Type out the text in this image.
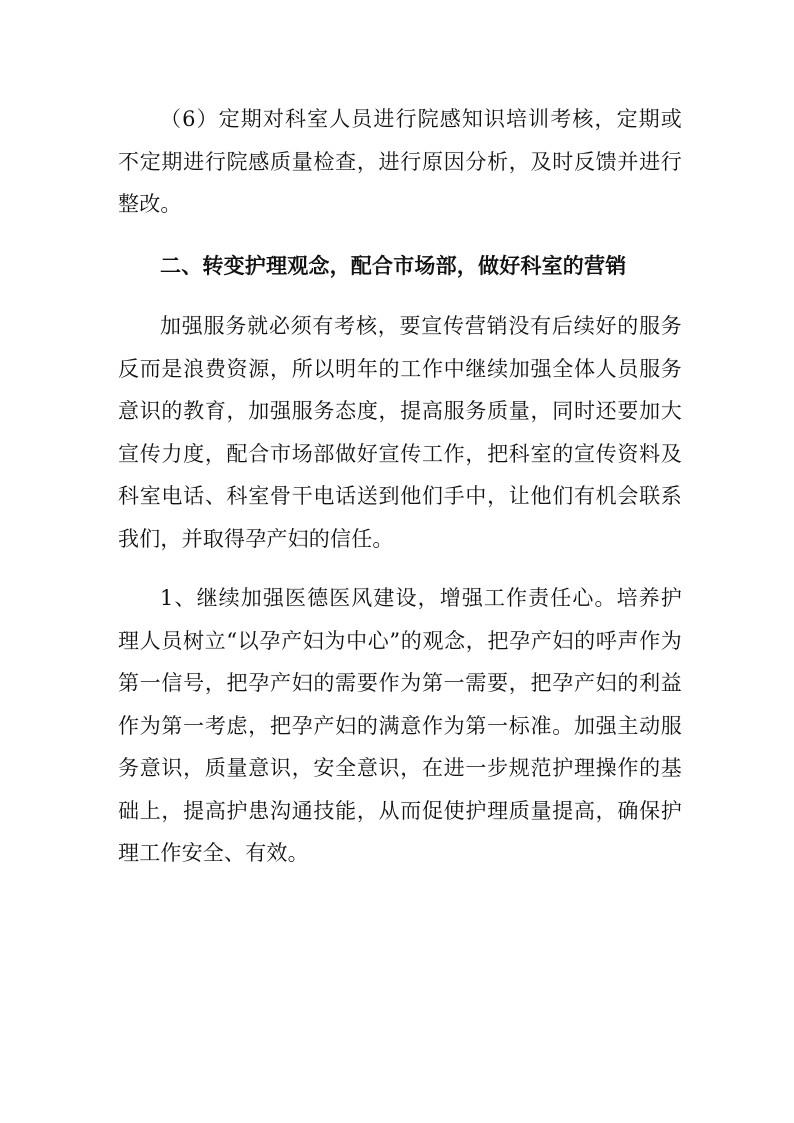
（6）定期对科室人员进行院感知识培训考核，定期或不定期进行院感质量检查，进行原因分析，及时反馈并进行整改。

二、转变护理观念，配合市场部，做好科室的营销

加强服务就必须有考核，要宣传营销没有后续好的服务反而是浪费资源，所以明年的工作中继续加强全体人员服务意识的教育，加强服务态度，提高服务质量，同时还要加大宣传力度，配合市场部做好宣传工作，把科室的宣传资料及科室电话、科室骨干电话送到他们手中，让他们有机会联系我们，并取得孕产妇的信任。

1、继续加强医德医风建设，增强工作责任心。培养护理人员树立“以孕产妇为中心”的观念，把孕产妇的呼声作为第一信号，把孕产妇的需要作为第一需要，把孕产妇的利益作为第一考虑，把孕产妇的满意作为第一标准。加强主动服务意识，质量意识，安全意识，在进一步规范护理操作的基础上，提高护患沟通技能，从而促使护理质量提高，确保护理工作安全、有效。
